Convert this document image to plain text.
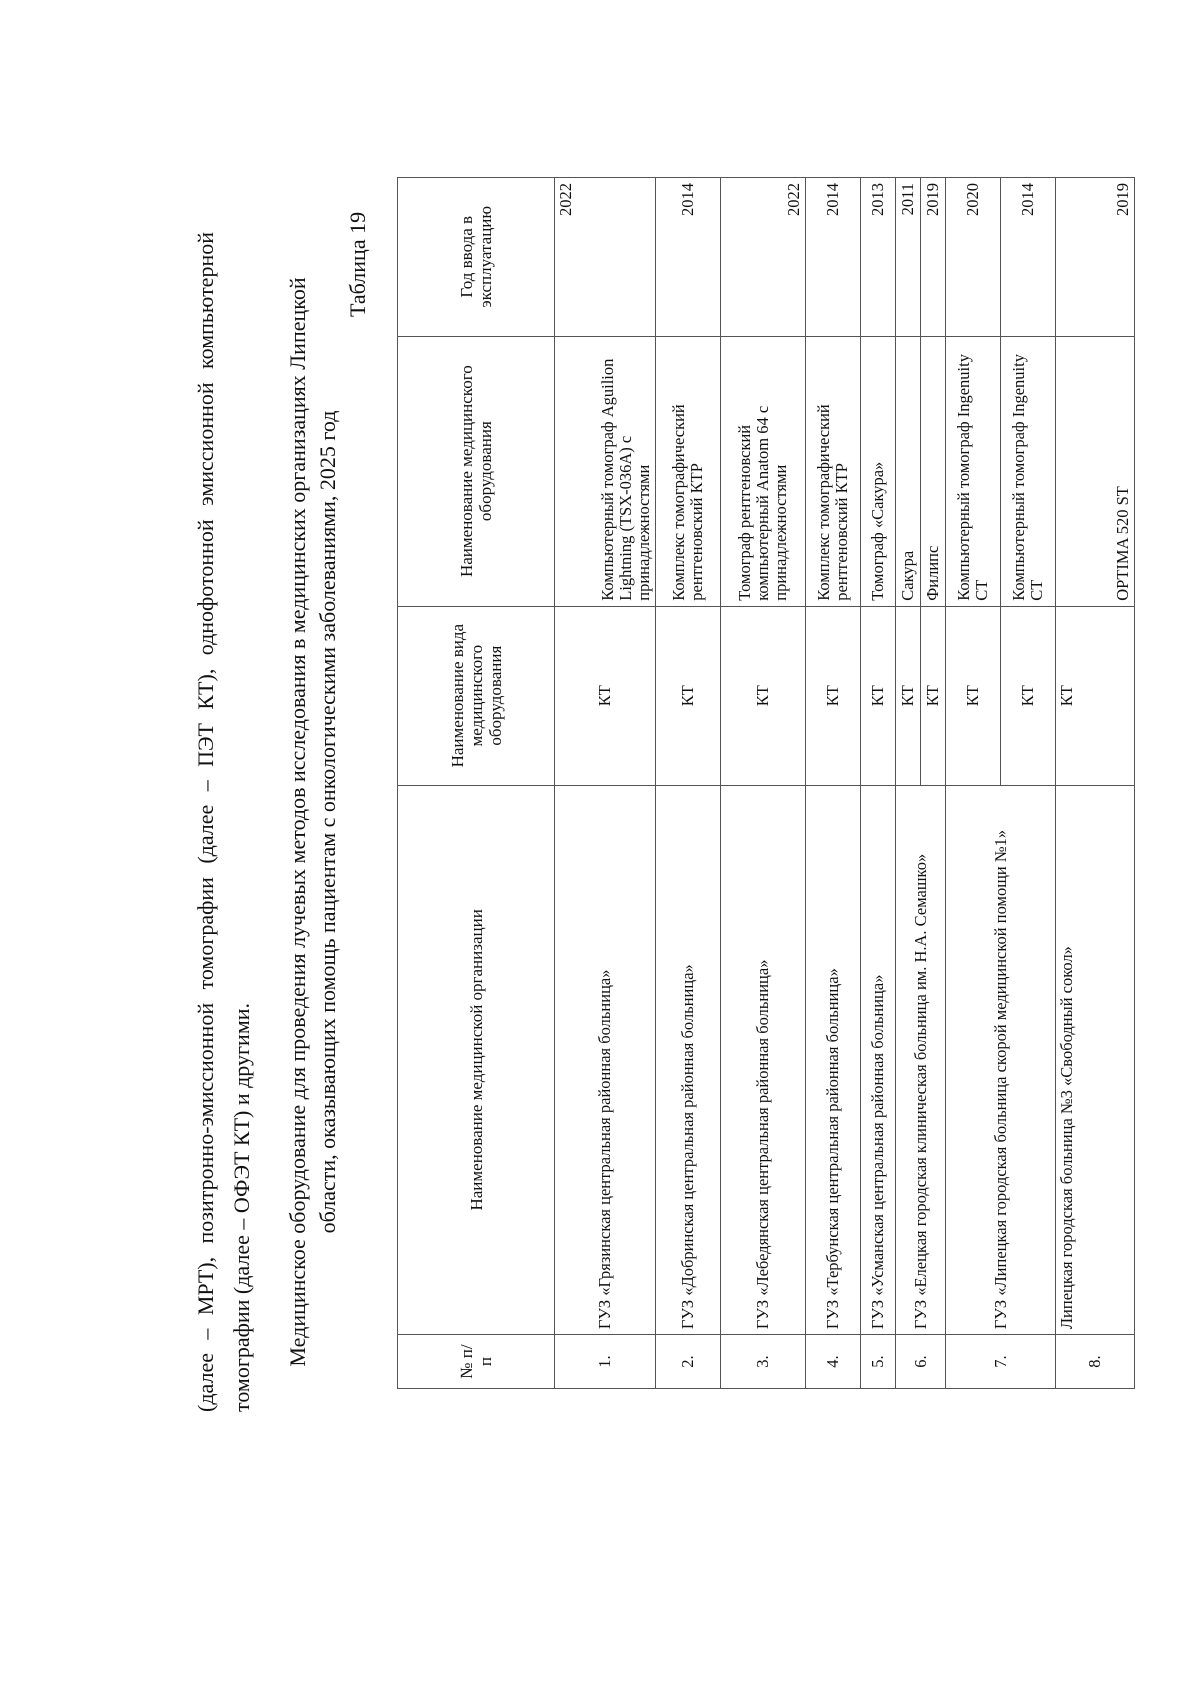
(далее – МРТ), позитронно-эмиссионной томографии (далее – ПЭТ КТ), однофотонной эмиссионной компьютерной томографии (далее – ОФЭТ КТ) и другими. Медицинское оборудование для проведения лучевых методов исследования в медицинских организациях Липецкой области, оказывающих помощь пациентам с онкологическими заболеваниями, 2025 год
Таблица 19
№ п/п	Наименование медицинской организации	Наименование вида медицинского оборудования	Наименование медицинского оборудования	Год ввода в эксплуатацию
1.	ГУЗ «Грязинская центральная районная больница»	КТ	Компьютерный томограф Aguilion Lightning (TSX-036A) с принадлежностями	2022
2.	ГУЗ «Добринская центральная районная больница»	КТ	Комплекс томографический рентгеновский КТР	2014
3.	ГУЗ «Лебедянская центральная районная больница»	КТ	Томограф рентгеновский компьютерный Anatom 64 с принадлежностями	2022
4.	ГУЗ «Тербунская центральная районная больница»	КТ	Комплекс томографический рентгеновский КТР	2014
5.	ГУЗ «Усманская центральная районная больница»	КТ	Томограф «Сакура»	2013
6.	ГУЗ «Елецкая городская клиническая больница им. Н.А. Семашко»	КТ	Сакура	2011
		КТ	Филипс	2019
7.	ГУЗ «Липецкая городская больница скорой медицинской помощи №1»	КТ	Компьютерный томограф Ingenuity CT	2020
		КТ	Компьютерный томограф Ingenuity CT	2014
8.	Липецкая городская больница №3 «Свободный сокол»	КТ	OPTIMA 520 ST	2019
